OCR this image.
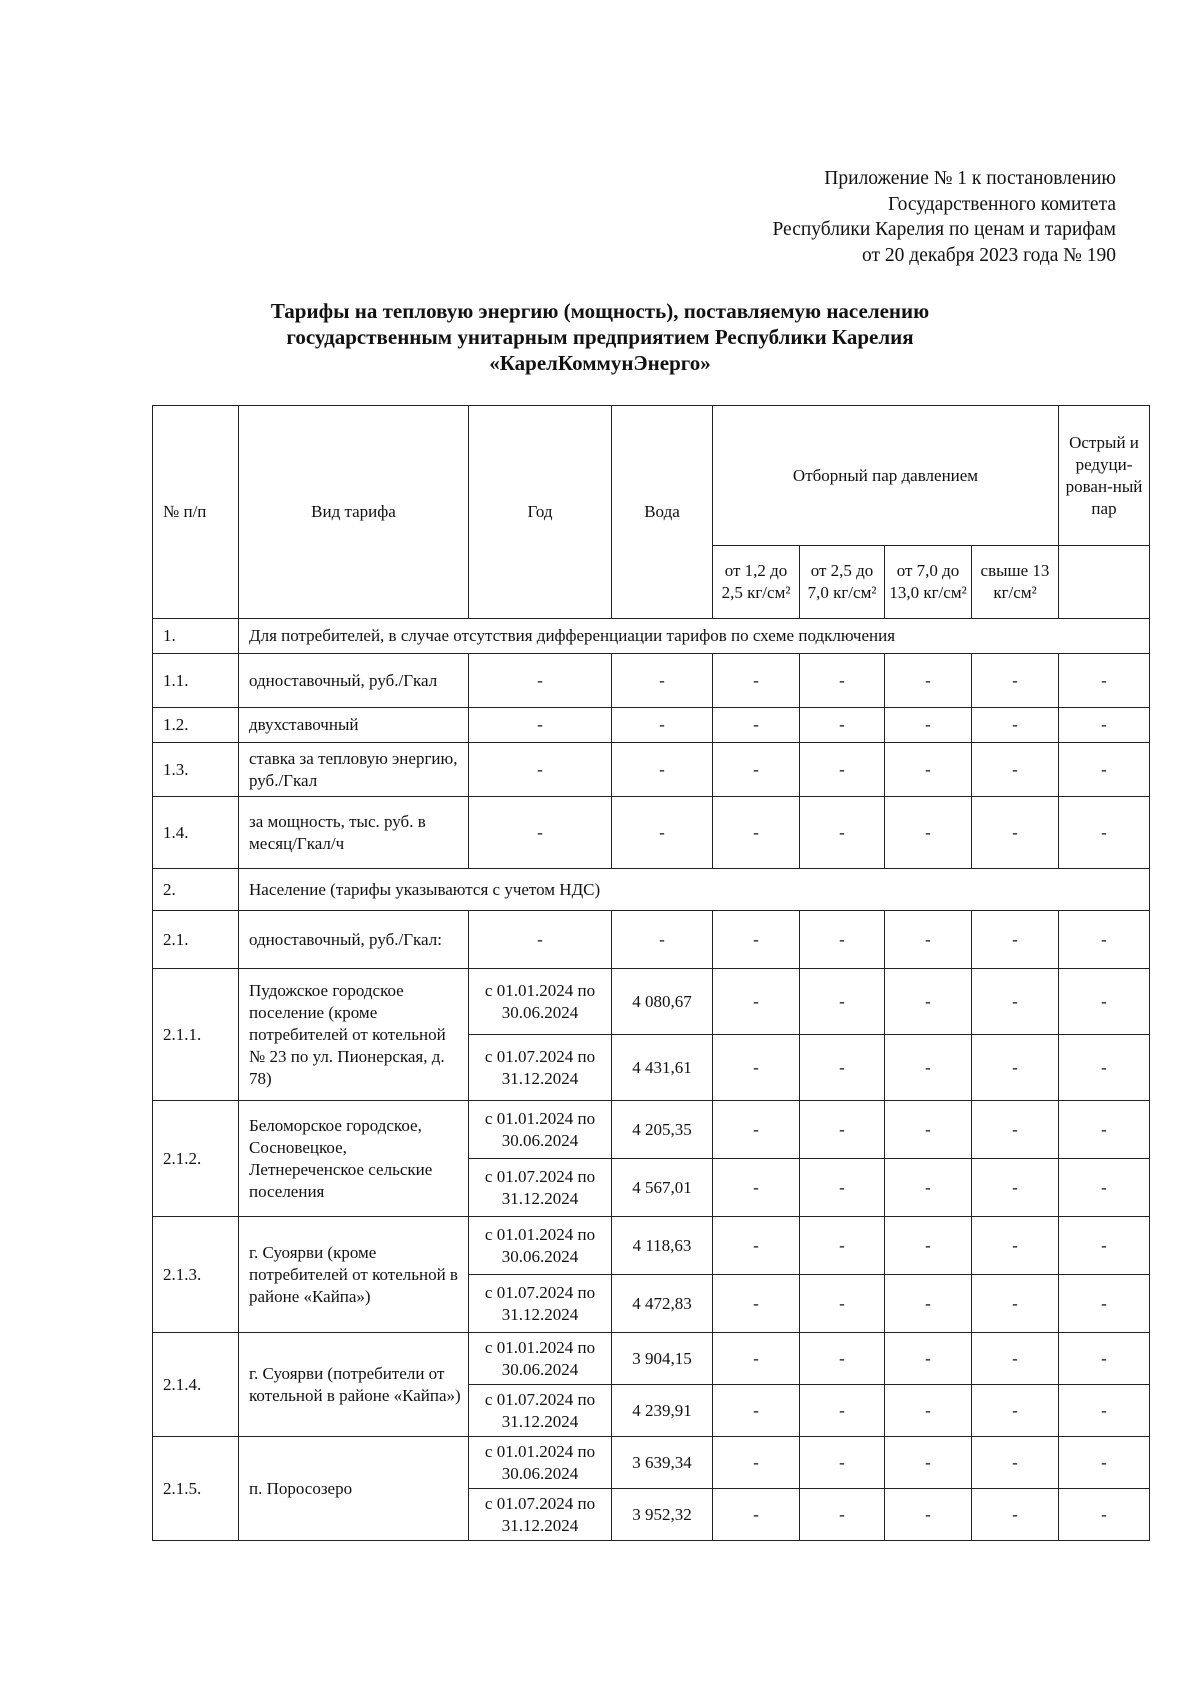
Приложение № 1 к постановлению
Государственного комитета
Республики Карелия по ценам и тарифам
от 20 декабря 2023 года № 190
Тарифы на тепловую энергию (мощность), поставляемую населению
государственным унитарным предприятием Республики Карелия
«КарелКоммунЭнерго»
№ п/п	Вид тарифа	Год	Вода	Отборный пар давлением				Острый и редуци-рован-ный пар
				от 1,2 до 2,5 кг/см²	от 2,5 до 7,0 кг/см²	от 7,0 до 13,0 кг/см²	свыше 13 кг/см²	
1.	Для потребителей, в случае отсутствия дифференциации тарифов по схеме подключения							
1.1.	одноставочный, руб./Гкал	-	-	-	-	-	-	-
1.2.	двухставочный	-	-	-	-	-	-	-
1.3.	ставка за тепловую энергию, руб./Гкал	-	-	-	-	-	-	-
1.4.	за мощность, тыс. руб. в месяц/Гкал/ч	-	-	-	-	-	-	-
2.	Население (тарифы указываются с учетом НДС)							
2.1.	одноставочный, руб./Гкал:	-	-	-	-	-	-	-
2.1.1.	Пудожское городское поселение (кроме потребителей от котельной № 23 по ул. Пионерская, д. 78)	с 01.01.2024 по 30.06.2024	4 080,67	-	-	-	-	-
		с 01.07.2024 по 31.12.2024	4 431,61	-	-	-	-	-
2.1.2.	Беломорское городское, Сосновецкое, Летнереченское сельские поселения	с 01.01.2024 по 30.06.2024	4 205,35	-	-	-	-	-
		с 01.07.2024 по 31.12.2024	4 567,01	-	-	-	-	-
2.1.3.	г. Суоярви (кроме потребителей от котельной в районе «Кайпа»)	с 01.01.2024 по 30.06.2024	4 118,63	-	-	-	-	-
		с 01.07.2024 по 31.12.2024	4 472,83	-	-	-	-	-
2.1.4.	г. Суоярви (потребители от котельной в районе «Кайпа»)	с 01.01.2024 по 30.06.2024	3 904,15	-	-	-	-	-
		с 01.07.2024 по 31.12.2024	4 239,91	-	-	-	-	-
2.1.5.	п. Поросозеро	с 01.01.2024 по 30.06.2024	3 639,34	-	-	-	-	-
		с 01.07.2024 по 31.12.2024	3 952,32	-	-	-	-	-
